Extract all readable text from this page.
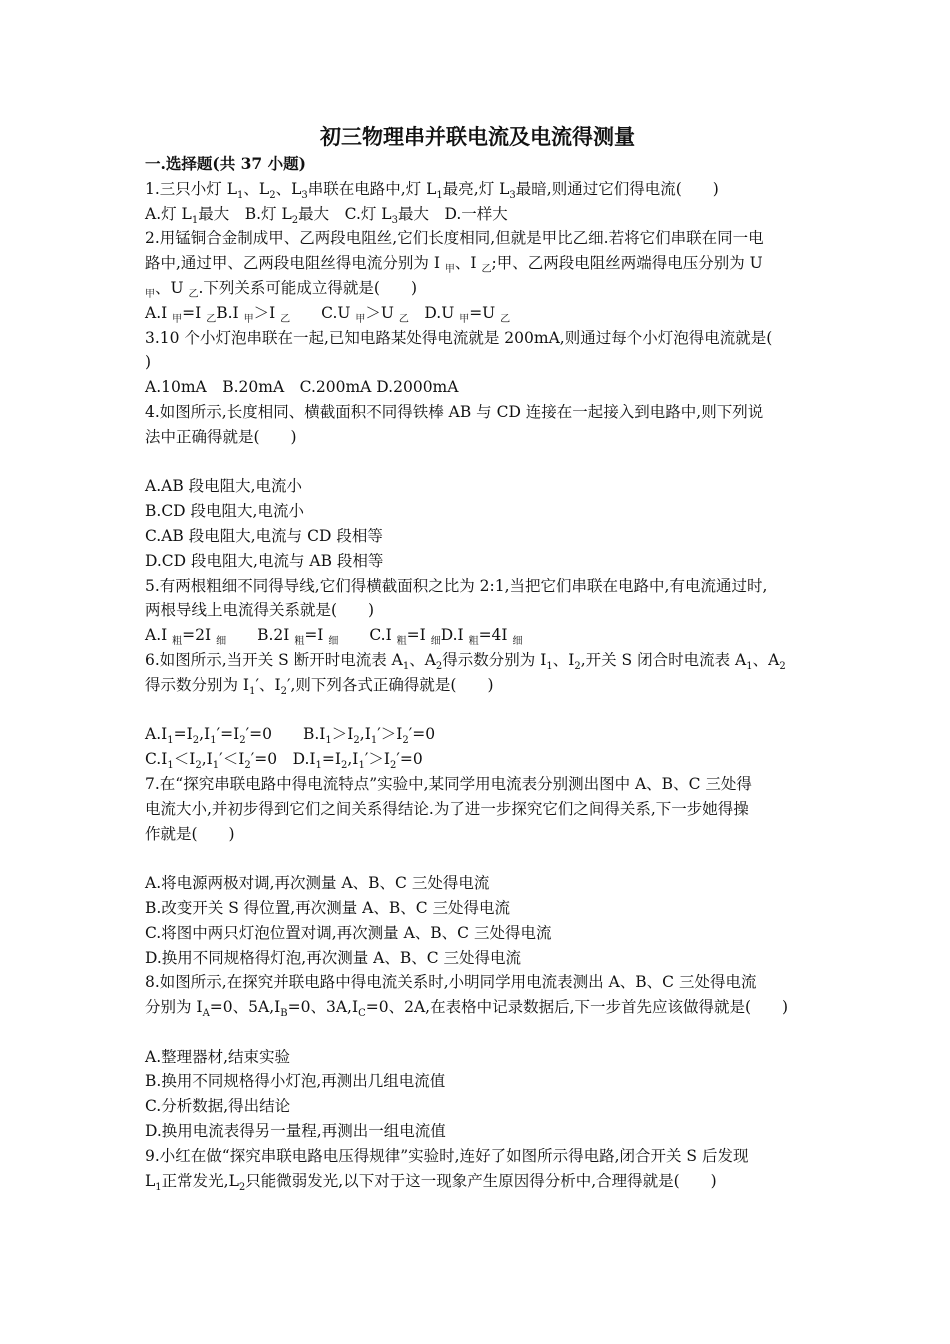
初三物理串并联电流及电流得测量
一.选择题(共 37 小题)
1.三只小灯 $L_1$、$L_2$、$L_3$串联在电路中,灯 $L_1$最亮,灯 $L_3$最暗,则通过它们得电流(　　)
A.灯 $L_1$最大　B.灯 $L_2$最大　C.灯 $L_3$最大　D.一样大
2.用锰铜合金制成甲、乙两段电阻丝,它们长度相同,但就是甲比乙细.若将它们串联在同一电
路中,通过甲、乙两段电阻丝得电流分别为 I $_甲$、I $_乙$;甲、乙两段电阻丝两端得电压分别为 U
$_甲$、U $_乙$.下列关系可能成立得就是(　　)
A.I $_甲$=I $_乙$B.I $_甲$＞I $_乙$　　C.U $_甲$＞U $_乙$　D.U $_甲$=U $_乙$
3.10 个小灯泡串联在一起,已知电路某处得电流就是 200mA,则通过每个小灯泡得电流就是(
)
A.10mA　B.20mA　C.200mA D.2000mA
4.如图所示,长度相同、横截面积不同得铁棒 AB 与 CD 连接在一起接入到电路中,则下列说
法中正确得就是(　　)
A.AB 段电阻大,电流小
B.CD 段电阻大,电流小
C.AB 段电阻大,电流与 CD 段相等
D.CD 段电阻大,电流与 AB 段相等
5.有两根粗细不同得导线,它们得横截面积之比为 2:1,当把它们串联在电路中,有电流通过时,
两根导线上电流得关系就是(　　)
A.I $_粗$=2I $_细$　　B.2I $_粗$=I $_细$　　C.I $_粗$=I $_细$D.I $_粗$=4I $_细$
6.如图所示,当开关 S 断开时电流表 $A_1$、$A_2$得示数分别为 $I_1$、$I_2$,开关 S 闭合时电流表 $A_1$、$A_2$
得示数分别为 $I_1'$、$I_2'$,则下列各式正确得就是(　　)
$A.I_1=I_2,I_1'=I_2'=0$　　$B.I_1>I_2,I_1'>I_2'=0$
$C.I_1<I_2,I_1'<I_2'=0$　$D.I_1=I_2,I_1'>I_2'=0$
7.在“探究串联电路中得电流特点”实验中,某同学用电流表分别测出图中 A、B、C 三处得
电流大小,并初步得到它们之间关系得结论.为了进一步探究它们之间得关系,下一步她得操
作就是(　　)
A.将电源两极对调,再次测量 A、B、C 三处得电流
B.改变开关 S 得位置,再次测量 A、B、C 三处得电流
C.将图中两只灯泡位置对调,再次测量 A、B、C 三处得电流
D.换用不同规格得灯泡,再次测量 A、B、C 三处得电流
8.如图所示,在探究并联电路中得电流关系时,小明同学用电流表测出 A、B、C 三处得电流
分别为 $I_A=0$、$5A,I_B=0$、$3A,I_C=0$、2A,在表格中记录数据后,下一步首先应该做得就是(　　)
A.整理器材,结束实验
B.换用不同规格得小灯泡,再测出几组电流值
C.分析数据,得出结论
D.换用电流表得另一量程,再测出一组电流值
9.小红在做“探究串联电路电压得规律”实验时,连好了如图所示得电路,闭合开关 S 后发现
$L_1$正常发光$,L_2$只能微弱发光,以下对于这一现象产生原因得分析中,合理得就是(　　)
